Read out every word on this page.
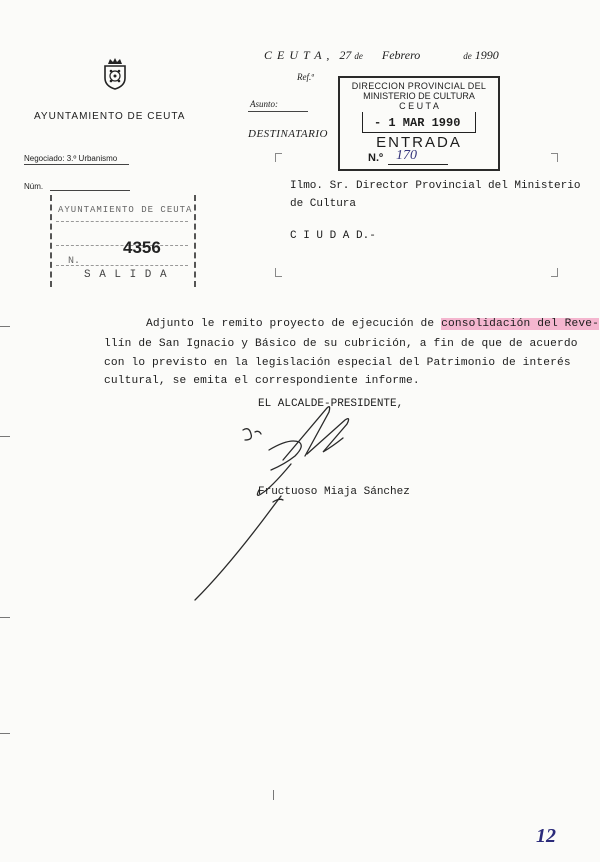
AYUNTAMIENTO DE CEUTA
Negociado: 3.º Urbanismo
Núm.
AYUNTAMIENTO DE CEUTA
4356
N.
S A L I D A
C E U T A , 27 de Febrero	de 1990
Ref.ª
Asunto:
DESTINATARIO
DIRECCION PROVINCIAL DEL
MINISTERIO DE CULTURA
C E U T A
- 1 MAR 1990
ENTRADA
N.º 170
Ilmo. Sr. Director Provincial del Ministerio
de Cultura
C I U D A D.-
Adjunto le remito proyecto de ejecución de consolidación del Reve-
llín de San Ignacio y Básico de su cubrición, a fin de que de acuerdo
con lo previsto en la legislación especial del Patrimonio de interés
cultural, se emita el correspondiente informe.
EL ALCALDE-PRESIDENTE,
Fructuoso Miaja Sánchez
12
